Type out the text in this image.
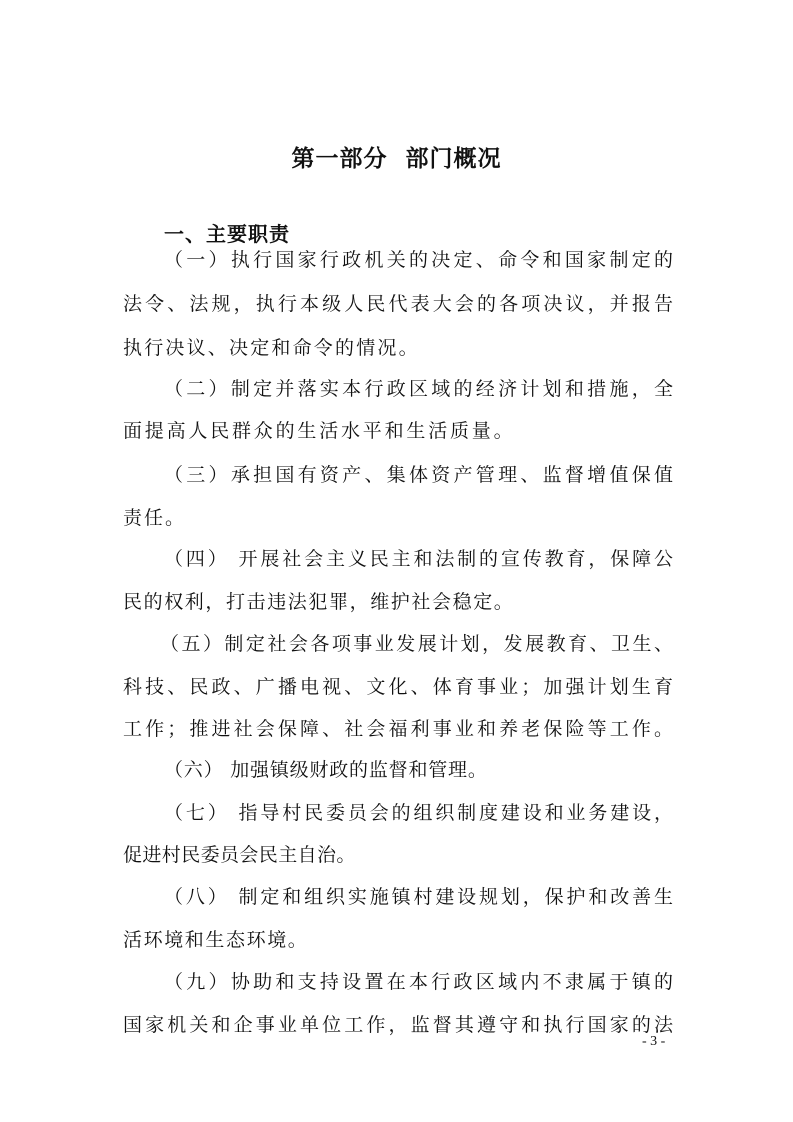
第一部分  部门概况
一、主要职责
（一）执行国家行政机关的决定、命令和国家制定的
法令、法规，执行本级人民代表大会的各项决议，并报告
执行决议、决定和命令的情况。
（二）制定并落实本行政区域的经济计划和措施，全
面提高人民群众的生活水平和生活质量。
（三）承担国有资产、集体资产管理、监督增值保值
责任。
（四） 开展社会主义民主和法制的宣传教育，保障公
民的权利，打击违法犯罪，维护社会稳定。
（五）制定社会各项事业发展计划，发展教育、卫生、
科技、民政、广播电视、文化、体育事业；加强计划生育
工作；推进社会保障、社会福利事业和养老保险等工作。
（六） 加强镇级财政的监督和管理。
（七） 指导村民委员会的组织制度建设和业务建设，
促进村民委员会民主自治。
（八） 制定和组织实施镇村建设规划，保护和改善生
活环境和生态环境。
（九）协助和支持设置在本行政区域内不隶属于镇的
国家机关和企事业单位工作，监督其遵守和执行国家的法
- 3 -
